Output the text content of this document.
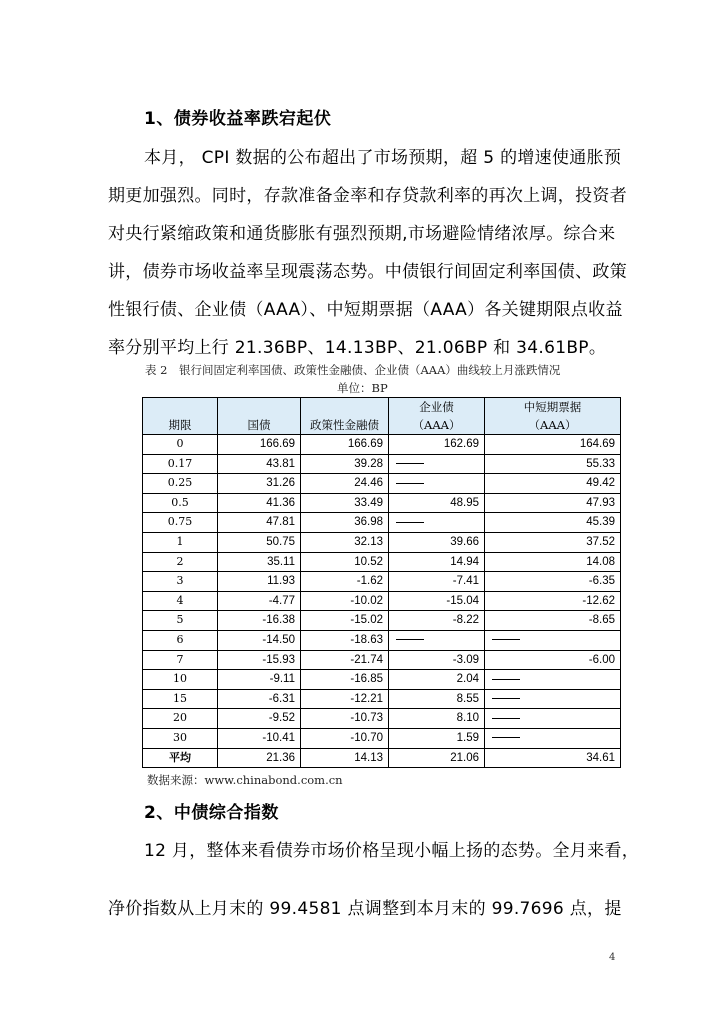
1、债券收益率跌宕起伏
本月， CPI 数据的公布超出了市场预期，超 5 的增速使通胀预
期更加强烈。同时，存款准备金率和存贷款利率的再次上调，投资者
对央行紧缩政策和通货膨胀有强烈预期,市场避险情绪浓厚。综合来
讲，债券市场收益率呈现震荡态势。中债银行间固定利率国债、政策
性银行债、企业债（AAA）、中短期票据（AAA）各关键期限点收益
率分别平均上行 21.36BP、14.13BP、21.06BP 和 34.61BP。
表 2　银行间固定利率国债、政策性金融债、企业债（AAA）曲线较上月涨跌情况
单位：BP
			企业债	中短期票据
期限	国债	政策性金融债	（AAA）	（AAA）
0	166.69	166.69	162.69	164.69
0.17	43.81	39.28		55.33
0.25	31.26	24.46		49.42
0.5	41.36	33.49	48.95	47.93
0.75	47.81	36.98		45.39
1	50.75	32.13	39.66	37.52
2	35.11	10.52	14.94	14.08
3	11.93	-1.62	-7.41	-6.35
4	-4.77	-10.02	-15.04	-12.62
5	-16.38	-15.02	-8.22	-8.65
6	-14.50	-18.63		
7	-15.93	-21.74	-3.09	-6.00
10	-9.11	-16.85	2.04	
15	-6.31	-12.21	8.55	
20	-9.52	-10.73	8.10	
30	-10.41	-10.70	1.59	
平均	21.36	14.13	21.06	34.61
数据来源：www.chinabond.com.cn
2、中债综合指数
12 月，整体来看债券市场价格呈现小幅上扬的态势。全月来看，
净价指数从上月末的 99.4581 点调整到本月末的 99.7696 点，提
4
